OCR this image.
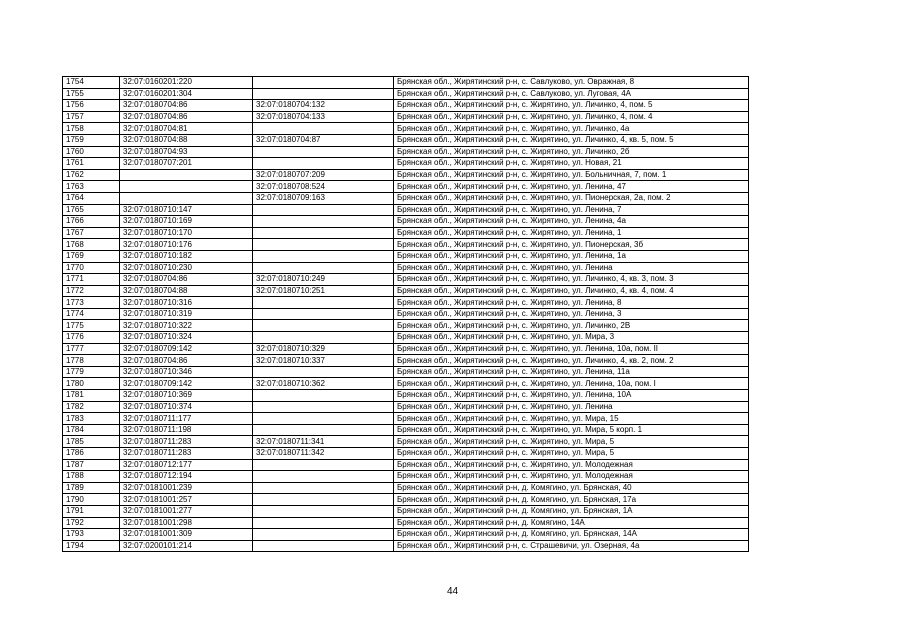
1754	32:07:0160201:220		Брянская обл., Жирятинский р-н, с. Савлуково, ул. Овражная, 8
1755	32:07:0160201:304		Брянская обл., Жирятинский р-н, с. Савлуково, ул. Луговая, 4А
1756	32:07:0180704:86	32:07:0180704:132	Брянская обл., Жирятинский р-н, с. Жирятино, ул. Личинко, 4, пом. 5
1757	32:07:0180704:86	32:07:0180704:133	Брянская обл., Жирятинский р-н, с. Жирятино, ул. Личинко, 4, пом. 4
1758	32:07:0180704:81		Брянская обл., Жирятинский р-н, с. Жирятино, ул. Личинко, 4а
1759	32:07:0180704:88	32:07:0180704:87	Брянская обл., Жирятинский р-н, с. Жирятино, ул. Личинко, 4, кв. 5, пом. 5
1760	32:07:0180704:93		Брянская обл., Жирятинский р-н, с. Жирятино, ул. Личинко, 2б
1761	32:07:0180707:201		Брянская обл., Жирятинский р-н, с. Жирятино, ул. Новая, 21
1762		32:07:0180707:209	Брянская обл., Жирятинский р-н, с. Жирятино, ул. Больничная, 7, пом. 1
1763		32:07:0180708:524	Брянская обл., Жирятинский р-н, с. Жирятино, ул. Ленина, 47
1764		32:07:0180709:163	Брянская обл., Жирятинский р-н, с. Жирятино, ул. Пионерская, 2а, пом. 2
1765	32:07:0180710:147		Брянская обл., Жирятинский р-н, с. Жирятино, ул. Ленина, 7
1766	32:07:0180710:169		Брянская обл., Жирятинский р-н, с. Жирятино, ул. Ленина, 4а
1767	32:07:0180710:170		Брянская обл., Жирятинский р-н, с. Жирятино, ул. Ленина, 1
1768	32:07:0180710:176		Брянская обл., Жирятинский р-н, с. Жирятино, ул. Пионерская, 3б
1769	32:07:0180710:182		Брянская обл., Жирятинский р-н, с. Жирятино, ул. Ленина, 1а
1770	32:07:0180710:230		Брянская обл., Жирятинский р-н, с. Жирятино, ул. Ленина
1771	32:07:0180704:86	32:07:0180710:249	Брянская обл., Жирятинский р-н, с. Жирятино, ул. Личинко, 4, кв. 3, пом. 3
1772	32:07:0180704:88	32:07:0180710:251	Брянская обл., Жирятинский р-н, с. Жирятино, ул. Личинко, 4, кв. 4, пом. 4
1773	32:07:0180710:316		Брянская обл., Жирятинский р-н, с. Жирятино, ул. Ленина, 8
1774	32:07:0180710:319		Брянская обл., Жирятинский р-н, с. Жирятино, ул. Ленина, 3
1775	32:07:0180710:322		Брянская обл., Жирятинский р-н, с. Жирятино, ул. Личинко, 2В
1776	32:07:0180710:324		Брянская обл., Жирятинский р-н, с. Жирятино, ул. Мира, 3
1777	32:07:0180709:142	32:07:0180710:329	Брянская обл., Жирятинский р-н, с. Жирятино, ул. Ленина, 10а, пом. II
1778	32:07:0180704:86	32:07:0180710:337	Брянская обл., Жирятинский р-н, с. Жирятино, ул. Личинко, 4, кв. 2, пом. 2
1779	32:07:0180710:346		Брянская обл., Жирятинский р-н, с. Жирятино, ул. Ленина, 11а
1780	32:07:0180709:142	32:07:0180710:362	Брянская обл., Жирятинский р-н, с. Жирятино, ул. Ленина, 10а, пом. I
1781	32:07:0180710:369		Брянская обл., Жирятинский р-н, с. Жирятино, ул. Ленина, 10А
1782	32:07:0180710:374		Брянская обл., Жирятинский р-н, с. Жирятино, ул. Ленина
1783	32:07:0180711:177		Брянская обл., Жирятинский р-н, с. Жирятино, ул. Мира, 15
1784	32:07:0180711:198		Брянская обл., Жирятинский р-н, с. Жирятино, ул. Мира, 5 корп. 1
1785	32:07:0180711:283	32:07:0180711:341	Брянская обл., Жирятинский р-н, с. Жирятино, ул. Мира, 5
1786	32:07:0180711:283	32:07:0180711:342	Брянская обл., Жирятинский р-н, с. Жирятино, ул. Мира, 5
1787	32:07:0180712:177		Брянская обл., Жирятинский р-н, с. Жирятино, ул. Молодежная
1788	32:07:0180712:194		Брянская обл., Жирятинский р-н, с. Жирятино, ул. Молодежная
1789	32:07:0181001:239		Брянская обл., Жирятинский р-н, д. Комягино, ул. Брянская, 40
1790	32:07:0181001:257		Брянская обл., Жирятинский р-н, д. Комягино, ул. Брянская, 17а
1791	32:07:0181001:277		Брянская обл., Жирятинский р-н, д. Комягино, ул. Брянская, 1А
1792	32:07:0181001:298		Брянская обл., Жирятинский р-н, д. Комягино, 14А
1793	32:07:0181001:309		Брянская обл., Жирятинский р-н, д. Комягино, ул. Брянская, 14А
1794	32:07:0200101:214		Брянская обл., Жирятинский р-н, с. Страшевичи, ул. Озерная, 4а
44
